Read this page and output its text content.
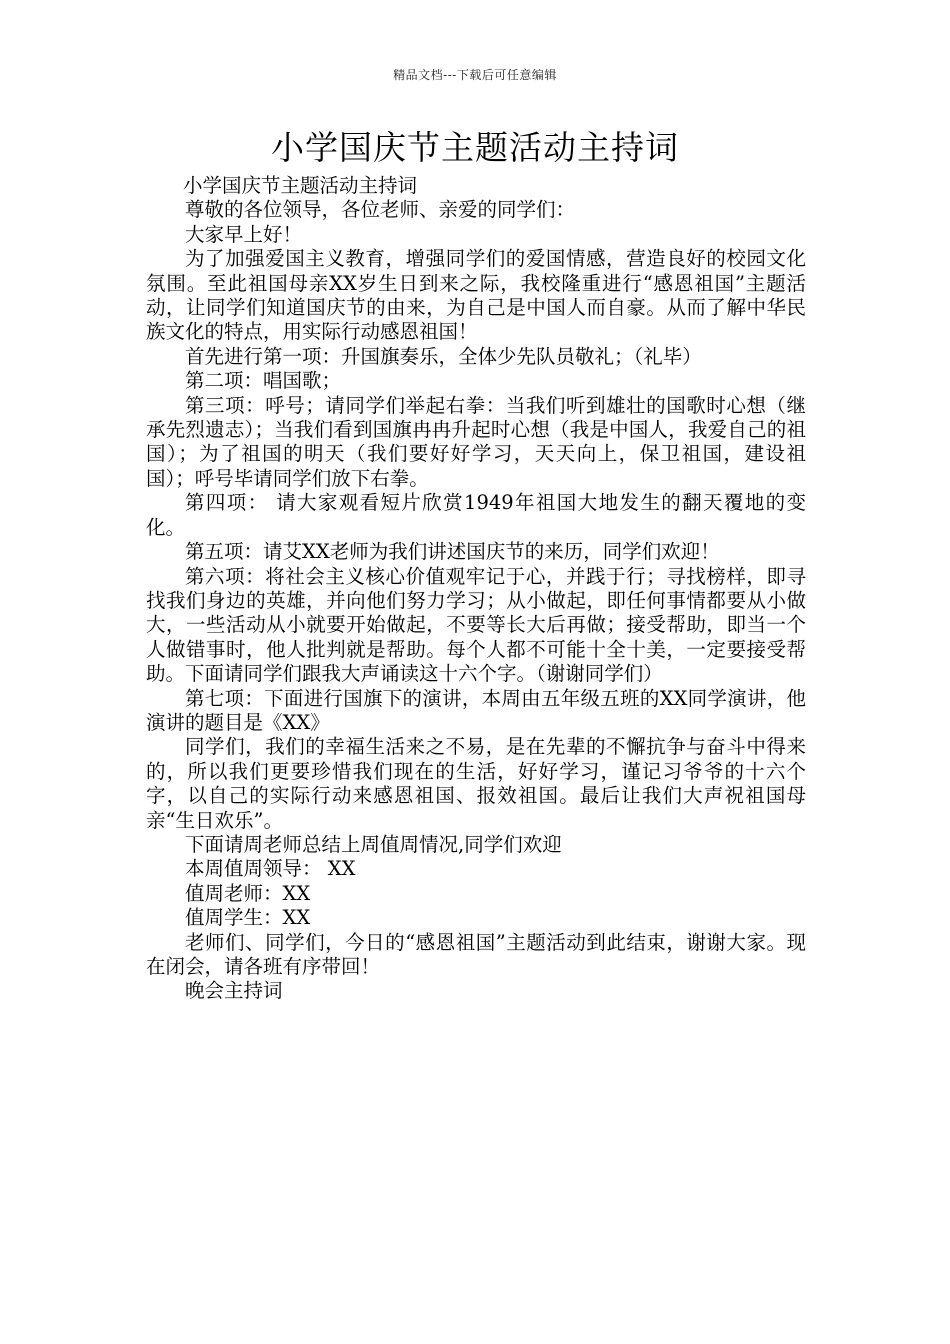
精品文档---下载后可任意编辑
小学国庆节主题活动主持词

小学国庆节主题活动主持词

尊敬的各位领导，各位老师、亲爱的同学们：

大家早上好！

为了加强爱国主义教育，增强同学们的爱国情感，营造良好的校园文化氛围。至此祖国母亲XX岁生日到来之际，我校隆重进行“感恩祖国”主题活动，让同学们知道国庆节的由来，为自己是中国人而自豪。从而了解中华民族文化的特点，用实际行动感恩祖国！

首先进行第一项：升国旗奏乐，全体少先队员敬礼；（礼毕）

第二项：唱国歌；

第三项：呼号；请同学们举起右拳：当我们听到雄壮的国歌时心想（继承先烈遗志）；当我们看到国旗冉冉升起时心想（我是中国人，我爱自己的祖国）；为了祖国的明天（我们要好好学习，天天向上，保卫祖国，建设祖国）；呼号毕请同学们放下右拳。

第四项： 请大家观看短片欣赏1949年祖国大地发生的翻天覆地的变化。

第五项：请艾XX老师为我们讲述国庆节的来历，同学们欢迎！

第六项：将社会主义核心价值观牢记于心，并践于行；寻找榜样，即寻找我们身边的英雄，并向他们努力学习；从小做起，即任何事情都要从小做大，一些活动从小就要开始做起，不要等长大后再做；接受帮助，即当一个人做错事时，他人批判就是帮助。每个人都不可能十全十美，一定要接受帮助。下面请同学们跟我大声诵读这十六个字。（谢谢同学们）

第七项：下面进行国旗下的演讲，本周由五年级五班的XX同学演讲，他演讲的题目是《XX》

同学们，我们的幸福生活来之不易，是在先辈的不懈抗争与奋斗中得来的，所以我们更要珍惜我们现在的生活，好好学习，谨记习爷爷的十六个字，以自己的实际行动来感恩祖国、报效祖国。最后让我们大声祝祖国母亲“生日欢乐”。

下面请周老师总结上周值周情况,同学们欢迎

本周值周领导： XX

值周老师：XX

值周学生：XX

老师们、同学们，今日的“感恩祖国”主题活动到此结束，谢谢大家。现在闭会，请各班有序带回！

晚会主持词
